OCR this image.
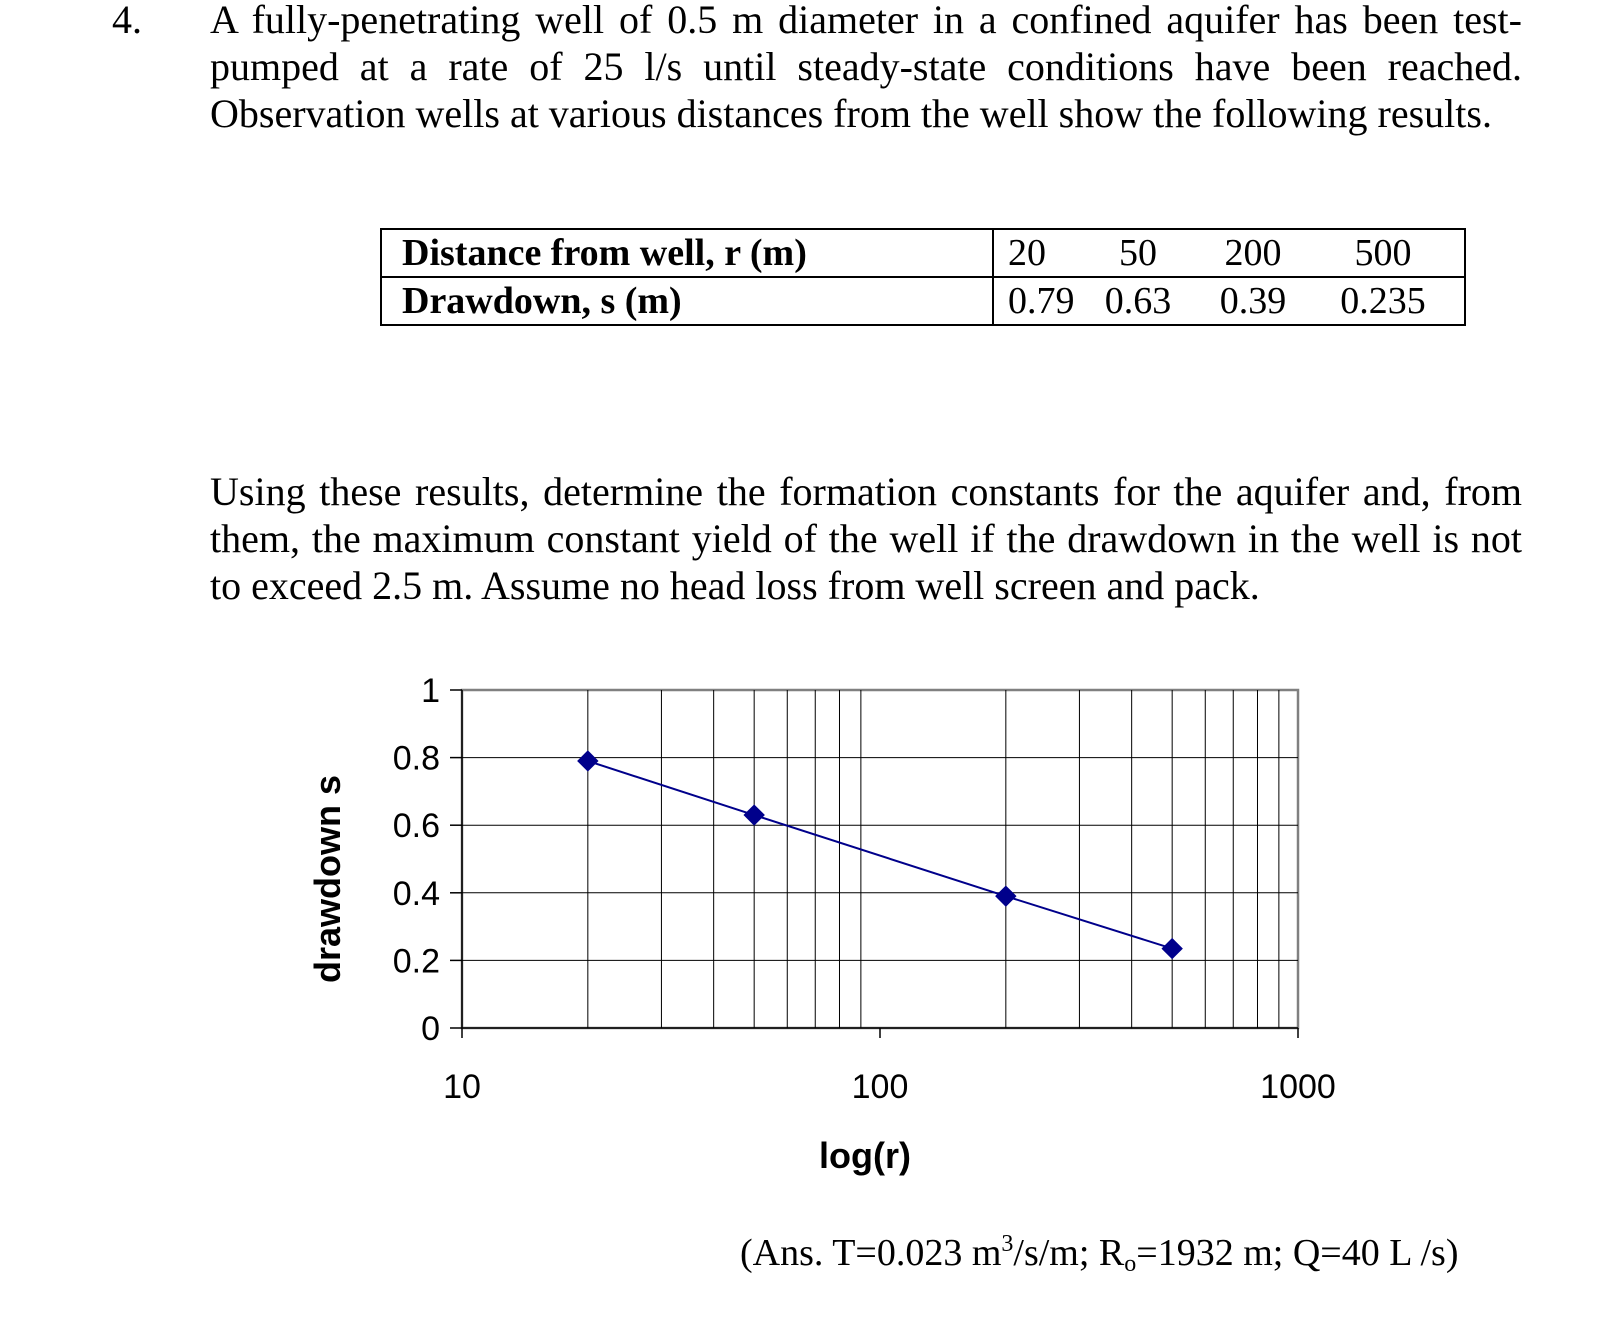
4. A fully-penetrating well of 0.5 m diameter in a confined aquifer has been test-pumped at a rate of 25 l/s until steady-state conditions have been reached. Observation wells at various distances from the well show the following results.

Distance from well, r (m)	20 50 200 500

Drawdown, s (m)	0.79 0.63 0.39 0.235

Using these results, determine the formation constants for the aquifer and, from them, the maximum constant yield of the well if the drawdown in the well is not to exceed 2.5 m. Assume no head loss from well screen and pack.

0
0.2
0.4
0.6
0.8
1
10	100	1000
log(r)
drawdown s
(Ans. T=0.023 $m^3/s/m$; $R_o=1932$ m; Q=40 L /s)
